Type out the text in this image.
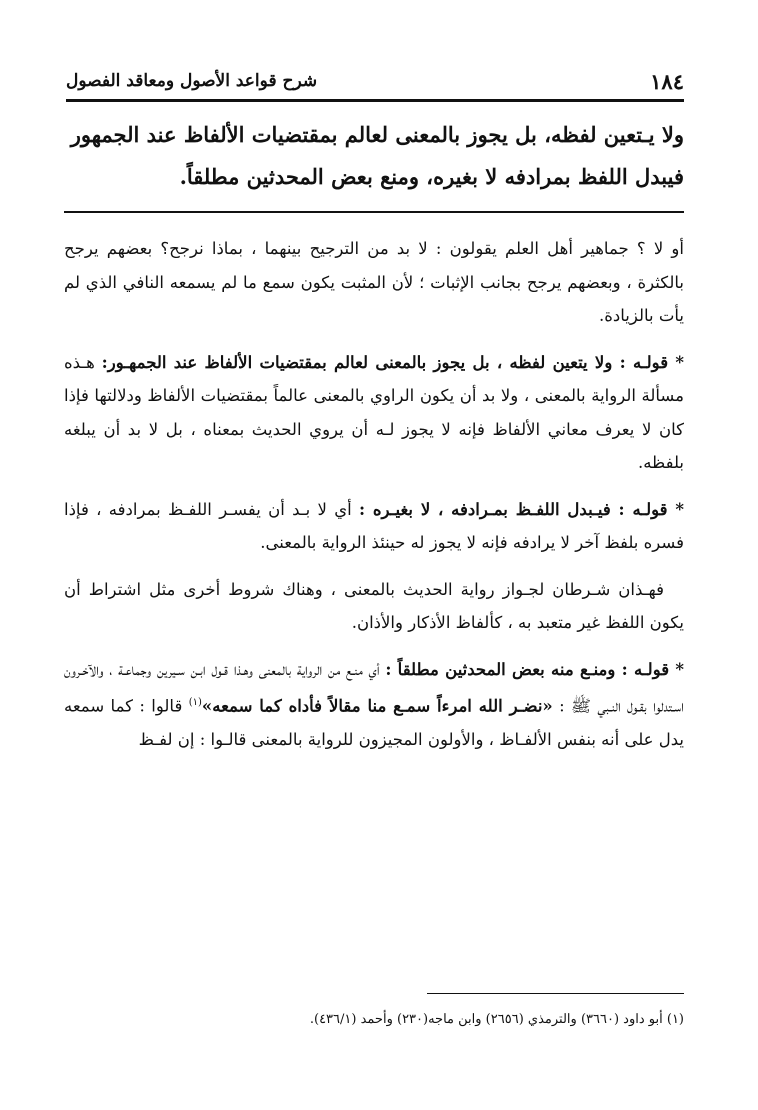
١٨٤
شرح قواعد الأصول ومعاقد الفصول

ولا يـتعين لفظه، بل يجوز بالمعنى لعالم بمقتضيات الألفاظ عند الجمهور

فيبدل اللفظ بمرادفه لا بغيره، ومنع بعض المحدثين مطلقاً.

أو لا ؟ جماهير أهل العلم يقولون : لا بد من الترجيح بينهما ، بماذا نرجح؟ بعضهم يرجح بالكثرة ، وبعضهم يرجح بجانب الإثبات ؛ لأن المثبت يكون سمع ما لم يسمعه النافي الذي لم يأت بالزيادة.

* قولـه : ولا يتعين لفظه ، بل يجوز بالمعنى لعالم بمقتضيات الألفاظ عند الجمهـور: هـذه مسألة الرواية بالمعنى ، ولا بد أن يكون الراوي بالمعنى عالماً بمقتضيات الألفاظ ودلالتها فإذا كان لا يعرف معاني الألفاظ فإنه لا يجوز لـه أن يروي الحديث بمعناه ، بل لا بد أن يبلغه بلفظه.

* قولـه : فيـبدل اللفـظ بمـرادفه ، لا بغيـره : أي لا بـد أن يفسـر اللفـظ بمرادفه ، فإذا فسره بلفظ آخر لا يرادفه فإنه لا يجوز له حينئذ الرواية بالمعنى.

فهـذان شـرطان لجـواز رواية الحديث بالمعنى ، وهناك شروط أخرى مثل اشتراط أن يكون اللفظ غير متعبد به ، كألفاظ الأذكار والأذان.

* قولـه : ومنـع منه بعض المحدثين مطلقاً : أي منـع من الرواية بالمعنى وهـذا قـول ابـن سـيرين وجماعـة ، والآخـرون اسـتدلوا بقـول النـبي ﷺ : «نضـر الله امرءاً سمـع منا مقالاً فأداه كما سمعه»$^{(١)}$ قالوا : كما سمعه يدل على أنه بنفس الألفـاظ ، والأولون المجيزون للرواية بالمعنى قالـوا : إن لفـظ

(١) أبو داود (٣٦٦٠) والترمذي (٢٦٥٦) وابن ماجه(٢٣٠) وأحمد (٤٣٦/١).
